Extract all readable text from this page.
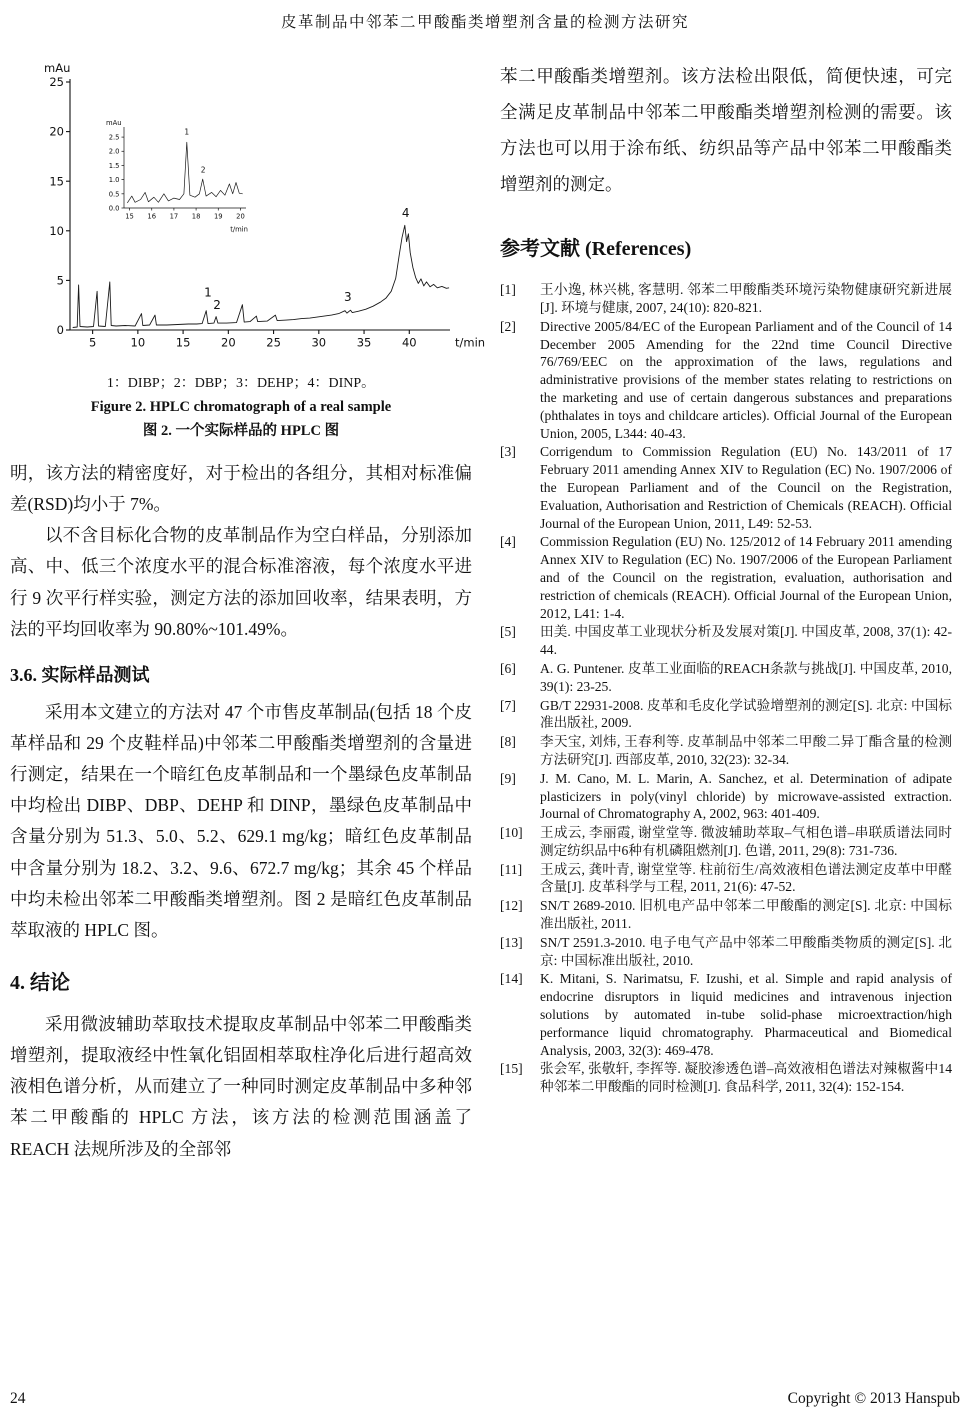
皮革制品中邻苯二甲酸酯类增塑剂含量的检测方法研究
0
5
10
15
20
25
5	10	15	20	25	30	35	40
mAu
t/min
1
2
3
4
0.0
0.5
1.0
1.5
2.0
2.5
15 16 17 18 19 20
mAu
t/min
1
2
1：DIBP；2：DBP；3：DEHP；4：DINP。
Figure 2. HPLC chromatograph of a real sample
图 2. 一个实际样品的 HPLC 图

明，该方法的精密度好，对于检出的各组分，其相对标准偏差(RSD)均小于 7%。

以不含目标化合物的皮革制品作为空白样品，分别添加高、中、低三个浓度水平的混合标准溶液，每个浓度水平进行 9 次平行样实验，测定方法的添加回收率，结果表明，方法的平均回收率为 90.80%~101.49%。

3.6. 实际样品测试

采用本文建立的方法对 47 个市售皮革制品(包括 18 个皮革样品和 29 个皮鞋样品)中邻苯二甲酸酯类增塑剂的含量进行测定，结果在一个暗红色皮革制品和一个墨绿色皮革制品中均检出 DIBP、DBP、DEHP 和 DINP，墨绿色皮革制品中含量分别为 51.3、5.0、5.2、629.1 mg/kg；暗红色皮革制品中含量分别为 18.2、3.2、9.6、672.7 mg/kg；其余 45 个样品中均未检出邻苯二甲酸酯类增塑剂。图 2 是暗红色皮革制品萃取液的 HPLC 图。

4. 结论

采用微波辅助萃取技术提取皮革制品中邻苯二甲酸酯类增塑剂，提取液经中性氧化铝固相萃取柱净化后进行超高效液相色谱分析，从而建立了一种同时测定皮革制品中多种邻苯二甲酸酯的 HPLC 方法，该方法的检测范围涵盖了 REACH 法规所涉及的全部邻

苯二甲酸酯类增塑剂。该方法检出限低，简便快速，可完全满足皮革制品中邻苯二甲酸酯类增塑剂检测的需要。该方法也可以用于涂布纸、纺织品等产品中邻苯二甲酸酯类增塑剂的测定。

参考文献 (References)
[1]	王小逸, 林兴桃, 客慧明. 邻苯二甲酸酯类环境污染物健康研究新进展[J]. 环境与健康, 2007, 24(10): 820-821.
[2]	Directive 2005/84/EC of the European Parliament and of the Council of 14 December 2005 Amending for the 22nd time Council Directive 76/769/EEC on the approximation of the laws, regulations and administrative provisions of the member states relating to restrictions on the marketing and use of certain dangerous substances and preparations (phthalates in toys and childcare articles). Official Journal of the European Union, 2005, L344: 40-43.
[3]	Corrigendum to Commission Regulation (EU) No. 143/2011 of 17 February 2011 amending Annex XIV to Regulation (EC) No. 1907/2006 of the European Parliament and of the Council on the Registration, Evaluation, Authorisation and Restriction of Chemicals (REACH). Official Journal of the European Union, 2011, L49: 52-53.
[4]	Commission Regulation (EU) No. 125/2012 of 14 February 2011 amending Annex XIV to Regulation (EC) No. 1907/2006 of the European Parliament and of the Council on the registration, evaluation, authorisation and restriction of chemicals (REACH). Official Journal of the European Union, 2012, L41: 1-4.
[5]	田美. 中国皮革工业现状分析及发展对策[J]. 中国皮革, 2008, 37(1): 42-44.
[6]	A. G. Puntener. 皮革工业面临的REACH条款与挑战[J]. 中国皮革, 2010, 39(1): 23-25.
[7]	GB/T 22931-2008. 皮革和毛皮化学试验增塑剂的测定[S]. 北京: 中国标准出版社, 2009.
[8]	李天宝, 刘炜, 王春利等. 皮革制品中邻苯二甲酸二异丁酯含量的检测方法研究[J]. 西部皮革, 2010, 32(23): 32-34.
[9]	J. M. Cano, M. L. Marin, A. Sanchez, et al. Determination of adipate plasticizers in poly(vinyl chloride) by microwave-assisted extraction. Journal of Chromatography A, 2002, 963: 401-409.
[10]	王成云, 李丽霞, 谢堂堂等. 微波辅助萃取–气相色谱–串联质谱法同时测定纺织品中6种有机磷阻燃剂[J]. 色谱, 2011, 29(8): 731-736.
[11]	王成云, 龚叶青, 谢堂堂等. 柱前衍生/高效液相色谱法测定皮革中甲醛含量[J]. 皮革科学与工程, 2011, 21(6): 47-52.
[12]	SN/T 2689-2010. 旧机电产品中邻苯二甲酸酯的测定[S]. 北京: 中国标准出版社, 2011.
[13]	SN/T 2591.3-2010. 电子电气产品中邻苯二甲酸酯类物质的测定[S]. 北京: 中国标准出版社, 2010.
[14]	K. Mitani, S. Narimatsu, F. Izushi, et al. Simple and rapid analysis of endocrine disruptors in liquid medicines and intravenous injection solutions by automated in-tube solid-phase microextraction/high performance liquid chromatography. Pharmaceutical and Biomedical Analysis, 2003, 32(3): 469-478.
[15]	张会军, 张敬轩, 李挥等. 凝胶渗透色谱–高效液相色谱法对辣椒酱中14种邻苯二甲酸酯的同时检测[J]. 食品科学, 2011, 32(4): 152-154.
24	Copyright © 2013 Hanspub
